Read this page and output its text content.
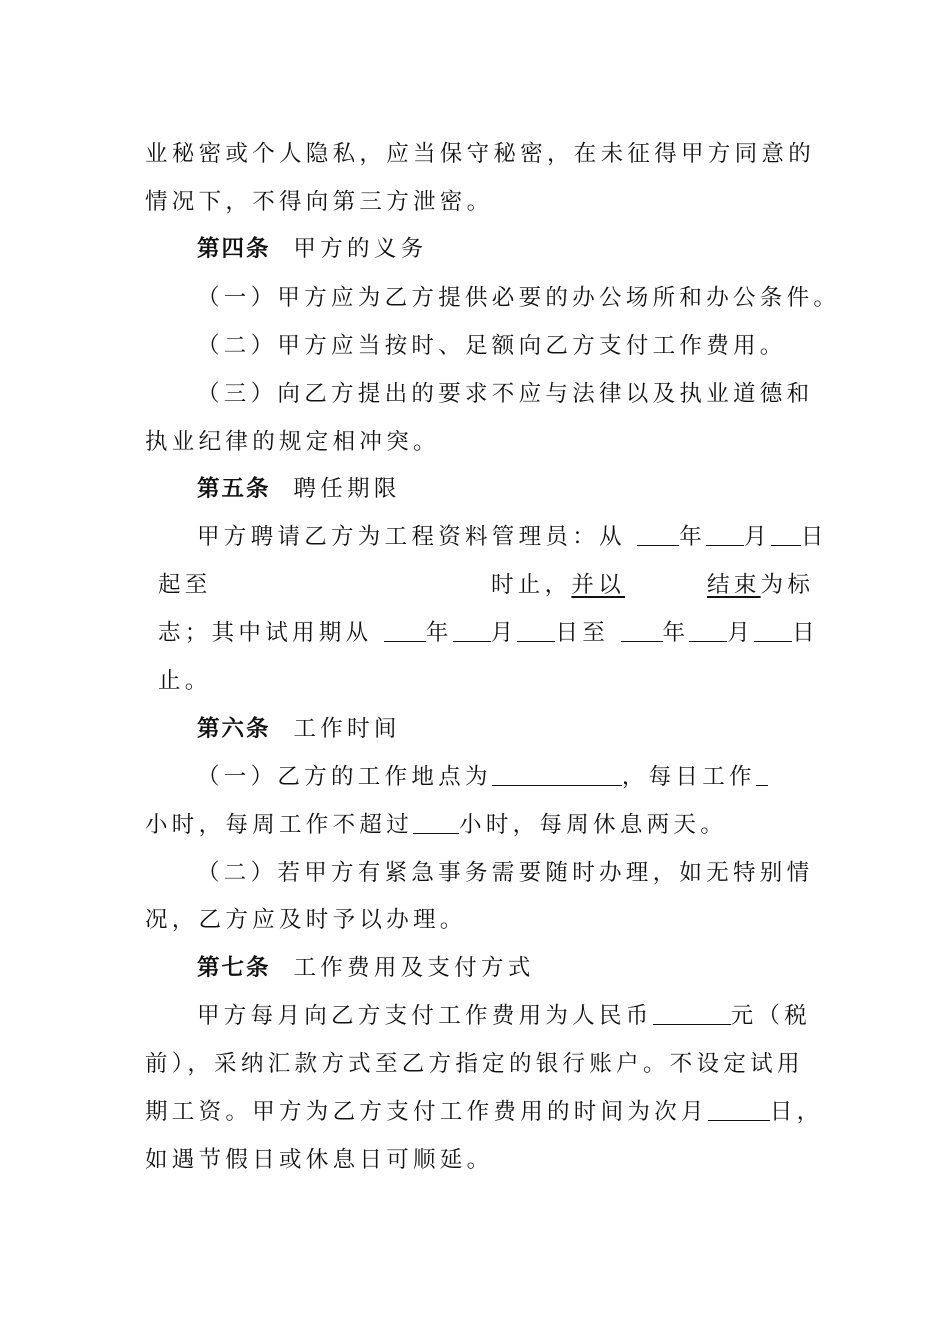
业秘密或个人隐私，应当保守秘密，在未征得甲方同意的
情况下，不得向第三方泄密。
第四条 甲方的义务
（一）甲方应为乙方提供必要的办公场所和办公条件。
（二）甲方应当按时、足额向乙方支付工作费用。
（三）向乙方提出的要求不应与法律以及执业道德和
执业纪律的规定相冲突。
第五条 聘任期限
甲方聘请乙方为工程资料管理员：从 年 月 日
起至	时止，并以	结束为标
志；其中试用期从 年 月 日至 年 月 日
止。
第六条 工作时间
（一）乙方的工作地点为	，每日工作
小时，每周工作不超过 小时，每周休息两天。
（二）若甲方有紧急事务需要随时办理，如无特别情
况，乙方应及时予以办理。
第七条 工作费用及支付方式
甲方每月向乙方支付工作费用为人民币	元（税
前），采纳汇款方式至乙方指定的银行账户。不设定试用
期工资。甲方为乙方支付工作费用的时间为次月	日，
如遇节假日或休息日可顺延。
